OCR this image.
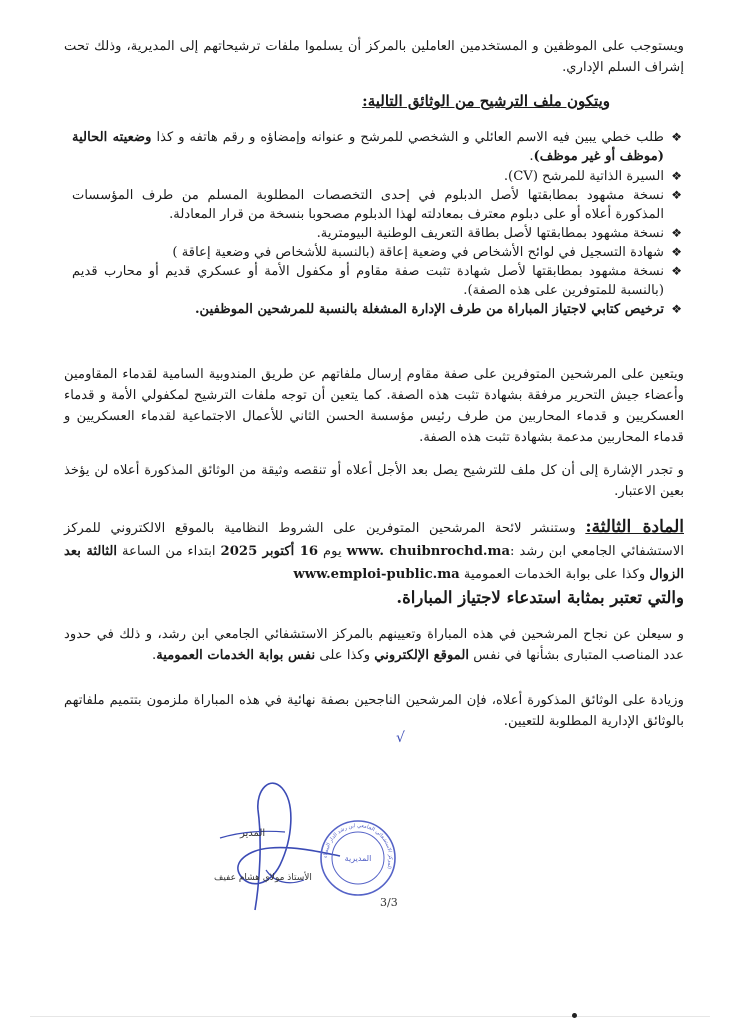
ويستوجب على الموظفين و المستخدمين العاملين بالمركز أن يسلموا ملفات ترشيحاتهم إلى المديرية، وذلك تحت إشراف السلم الإداري.
ويتكون ملف الترشيح من الوثائق التالية:

❖
طلب خطي يبين فيه الاسم العائلي و الشخصي للمرشح و عنوانه وإمضاؤه و رقم هاتفه و كذا وضعيته الحالية (موظف أو غير موظف).

❖
السيرة الذاتية للمرشح (CV).

❖
نسخة مشهود بمطابقتها لأصل الدبلوم في إحدى التخصصات المطلوبة المسلم من طرف المؤسسات المذكورة أعلاه أو على دبلوم معترف بمعادلته لهذا الدبلوم مصحوبا بنسخة من قرار المعادلة.

❖
نسخة مشهود بمطابقتها لأصل بطاقة التعريف الوطنية البيومترية.

❖
شهادة التسجيل في لوائح الأشخاص في وضعية إعاقة (بالنسبة للأشخاص في وضعية إعاقة )

❖
نسخة مشهود بمطابقتها لأصل شهادة تثبت صفة مقاوم أو مكفول الأمة أو عسكري قديم أو محارب قديم (بالنسبة للمتوفرين على هذه الصفة).

❖
ترخيص كتابي لاجتياز المباراة من طرف الإدارة المشغلة بالنسبة للمرشحين الموظفين.

ويتعين على المرشحين المتوفرين على صفة مقاوم إرسال ملفاتهم عن طريق المندوبية السامية لقدماء المقاومين وأعضاء جيش التحرير مرفقة بشهادة تثبت هذه الصفة. كما يتعين أن توجه ملفات الترشيح لمكفولي الأمة و قدماء العسكريين و قدماء المحاربين من طرف رئيس مؤسسة الحسن الثاني للأعمال الاجتماعية لقدماء العسكريين و قدماء المحاربين مدعمة بشهادة تثبت هذه الصفة.
و تجدر الإشارة إلى أن كل ملف للترشيح يصل بعد الأجل أعلاه أو تنقصه وثيقة من الوثائق المذكورة أعلاه لن يؤخذ بعين الاعتبار.
المادة الثالثة: وستنشر لائحة المرشحين المتوفرين على الشروط النظامية بالموقع الالكتروني للمركز الاستشفائي الجامعي ابن رشد :www. chuibnrochd.ma يوم 16 أكتوبر 2025 ابتداء من الساعة الثالثة بعد الزوال وكذا على بوابة الخدمات العمومية www.emploi-public.ma
والتي تعتبر بمثابة استدعاء لاجتياز المباراة.
و سيعلن عن نجاح المرشحين في هذه المباراة وتعيينهم بالمركز الاستشفائي الجامعي ابن رشد، و ذلك في حدود عدد المناصب المتبارى بشأنها في نفس الموقع الإلكتروني وكذا على نفس بوابة الخدمات العمومية.
وزيادة على الوثائق المذكورة أعلاه، فإن المرشحين الناجحين بصفة نهائية في هذه المباراة ملزمون بتتميم ملفاتهم بالوثائق الإدارية المطلوبة للتعيين.
√
الأستاذ مولاي هشام عفيف
المدير
المركز الاستشفائي الجامعي ابن رشد الدار البيضاء
المديرية
3/3
